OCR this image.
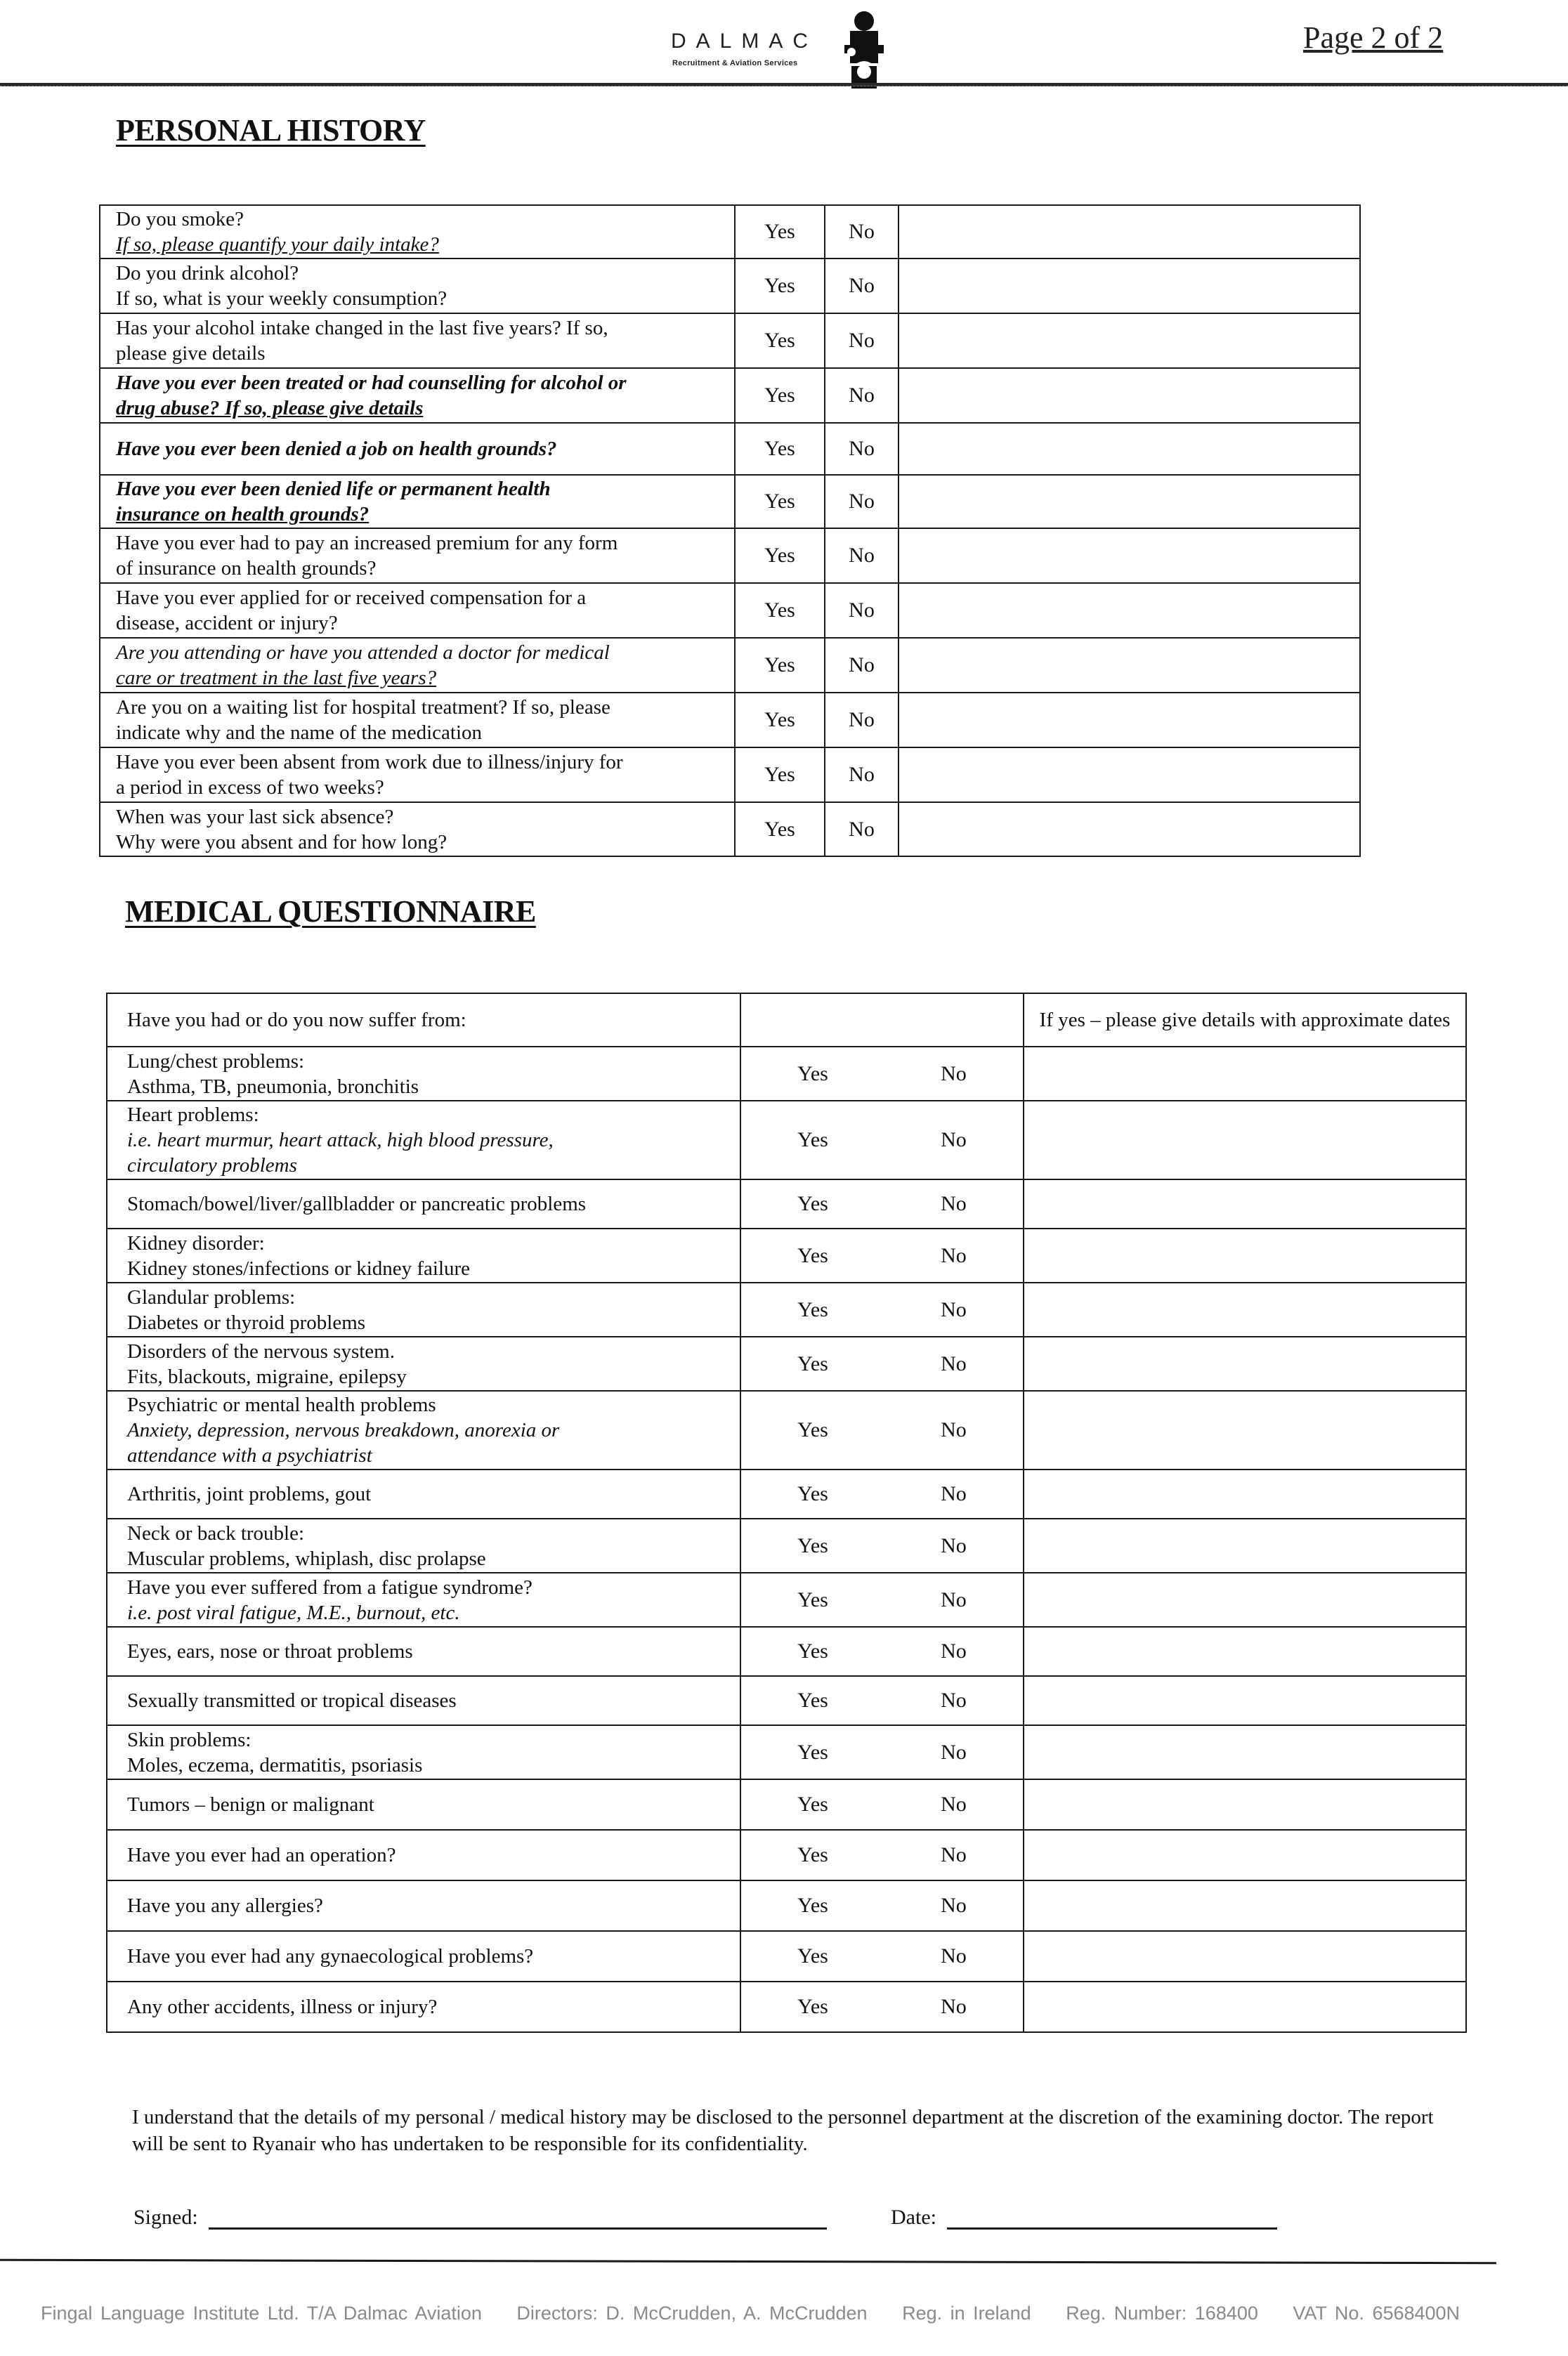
DALMAC
Recruitment & Aviation Services
Page 2 of 2
PERSONAL HISTORY
Do you smoke?
If so, please quantify your daily intake?	Yes	No	

Do you drink alcohol?
If so, what is your weekly consumption?	Yes	No	

Has your alcohol intake changed in the last five years? If so,
please give details	Yes	No	

Have you ever been treated or had counselling for alcohol or
drug abuse? If so, please give details	Yes	No	

Have you ever been denied a job on health grounds?	Yes	No	

Have you ever been denied life or permanent health
insurance on health grounds?	Yes	No	

Have you ever had to pay an increased premium for any form
of insurance on health grounds?	Yes	No	

Have you ever applied for or received compensation for a
disease, accident or injury?	Yes	No	

Are you attending or have you attended a doctor for medical
care or treatment in the last five years?	Yes	No	

Are you on a waiting list for hospital treatment? If so, please
indicate why and the name of the medication	Yes	No	

Have you ever been absent from work due to illness/injury for
a period in excess of two weeks?	Yes	No	

When was your last sick absence?
Why were you absent and for how long?	Yes	No	
MEDICAL QUESTIONNAIRE
Have you had or do you now suffer from:		If yes – please give details with approximate dates

Lung/chest problems:
Asthma, TB, pneumonia, bronchitis

Yes	No

Heart problems:
i.e. heart murmur, heart attack, high blood pressure,
circulatory problems

Yes	No

Stomach/bowel/liver/gallbladder or pancreatic problems	Yes No	

Kidney disorder:
Kidney stones/infections or kidney failure

Yes	No

Glandular problems:
Diabetes or thyroid problems

Yes	No

Disorders of the nervous system.
Fits, blackouts, migraine, epilepsy

Yes	No

Psychiatric or mental health problems
Anxiety, depression, nervous breakdown, anorexia or
attendance with a psychiatrist

Yes	No

Arthritis, joint problems, gout	Yes No	

Neck or back trouble:
Muscular problems, whiplash, disc prolapse

Yes	No

Have you ever suffered from a fatigue syndrome?
i.e. post viral fatigue, M.E., burnout, etc.

Yes	No

Eyes, ears, nose or throat problems	Yes No	

Sexually transmitted or tropical diseases	Yes No	

Skin problems:
Moles, eczema, dermatitis, psoriasis

Yes	No

Tumors – benign or malignant	Yes No	

Have you ever had an operation?	Yes No	

Have you any allergies?	Yes No	

Have you ever had any gynaecological problems?	Yes No	

Any other accidents, illness or injury?	Yes No	

I understand that the details of my personal / medical history may be disclosed to the personnel department at the discretion of the examining doctor. The report will be sent to Ryanair who has undertaken to be responsible for its confidentiality.
Signed:	Date:
Fingal Language Institute Ltd. T/A Dalmac Aviation Directors: D. McCrudden, A. McCrudden Reg. in Ireland Reg. Number: 168400 VAT No. 6568400N
